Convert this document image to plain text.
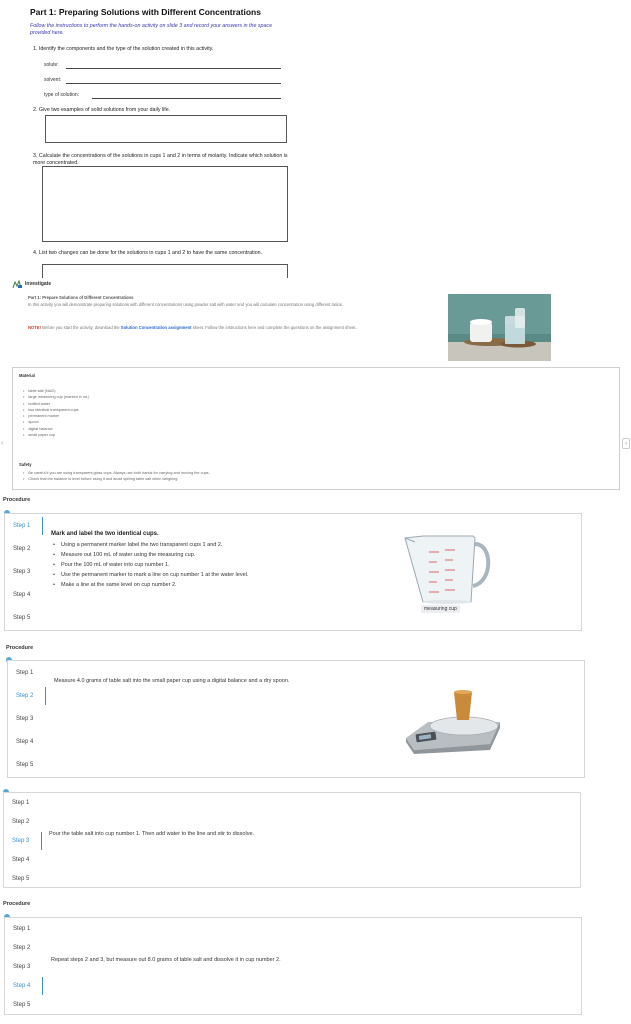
Part 1: Preparing Solutions with Different Concentrations
Follow the instructions to perform the hands-on activity on slide 3 and record your answers in the space provided here.
1. Identify the components and the type of the solution created in this activity.
solute:
solvent:
type of solution:
2. Give two examples of solid solutions from your daily life.
3. Calculate the concentrations of the solutions in cups 1 and 2 in terms of molarity. Indicate which solution is more concentrated.
4. List two changes can be done for the solutions in cups 1 and 2 to have the same concentration.
Investigate
Part 1: Prepare Solutions of Different Concentrations
In this activity you will demonstrate preparing solutions with different concentrations using powder salt with water and you will calculate concentration using different ratios.
NOTE! Before you start the activity, download the Solution Concentration assignment sheet. Follow the instructions here and complete the questions on the assignment sheet.
Material
• table salt (NaCl)
• large measuring cup (marked in mL)
• bottled water
• two identical transparent cups
• permanent marker
• spoon
• digital balance
• small paper cup
Safety
• Be careful if you are using transparent glass cups. Always use both hands for carrying and moving the cups.
• Check that the balance is level before using it and avoid spilling table salt when weighing.
‹	›
Procedure
Step 1
Step 2
Step 3
Step 4
Step 5
Mark and label the two identical cups.
• Using a permanent marker label the two transparent cups 1 and 2.
• Measure out 100 mL of water using the measuring cup.
• Pour the 100 mL of water into cup number 1.
• Use the permanent marker to mark a line on cup number 1 at the water level.
• Make a line at the same level on cup number 2.
measuring cup
Procedure
Step 1
Step 2
Step 3
Step 4
Step 5
Measure 4.0 grams of table salt into the small paper cup using a digital balance and a dry spoon.
Step 1
Step 2
Step 3
Step 4
Step 5
Pour the table salt into cup number 1. Then add water to the line and stir to dissolve.
Procedure
Step 1
Step 2
Step 3
Step 4
Step 5
Repeat steps 2 and 3, but measure out 8.0 grams of table salt and dissolve it in cup number 2.
